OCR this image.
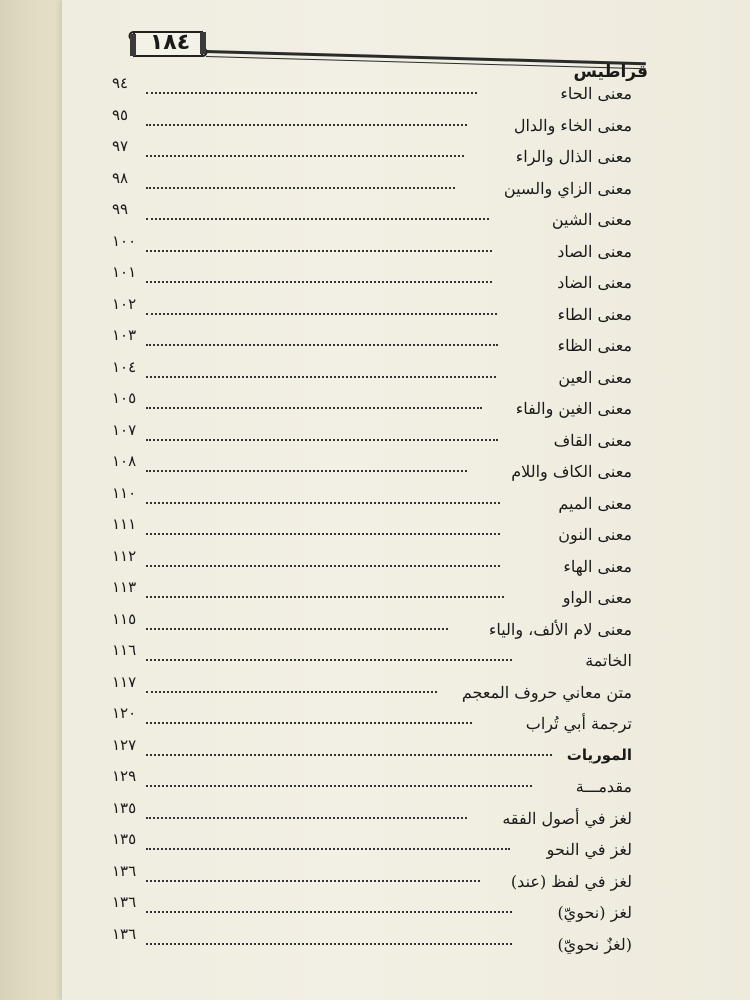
١٨٤
قراطيس
٩٤
معنى الحاء
٩٥
معنى الخاء والدال
٩٧
معنى الذال والراء
٩٨
معنى الزاي والسين
٩٩
معنى الشين
١٠٠
معنى الصاد
١٠١
معنى الضاد
١٠٢
معنى الطاء
١٠٣
معنى الظاء
١٠٤
معنى العين
١٠٥
معنى الغين والفاء
١٠٧
معنى القاف
١٠٨
معنى الكاف واللام
١١٠
معنى الميم
١١١
معنى النون
١١٢
معنى الهاء
١١٣
معنى الواو
١١٥
معنى لام الألف، والياء
١١٦
الخاتمة
١١٧
متن معاني حروف المعجم
١٢٠
ترجمة أبي تُراب
١٢٧
الموريات
١٢٩
مقدمـــة
١٣٥
لغز في أصول الفقه
١٣٥
لغز في النحو
١٣٦
لغز في لفظ (عند)
١٣٦
لغز (نحويّ)
١٣٦
(لغزٌ نحويّ)
